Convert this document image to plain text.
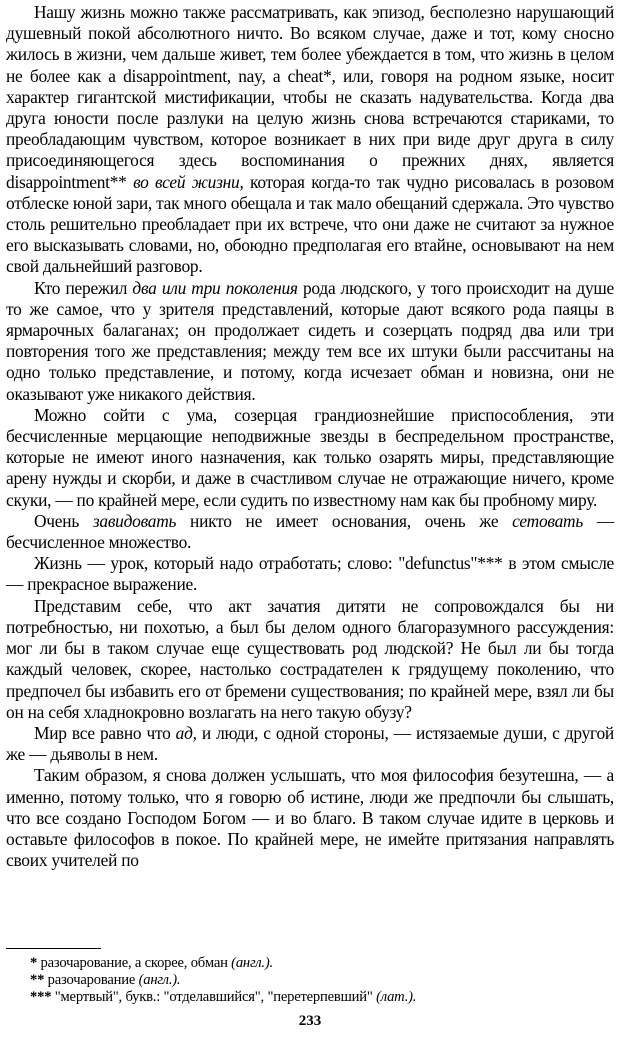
Нашу жизнь можно также рассматривать, как эпизод, бесполезно нарушающий душевный покой абсолютного ничто. Во всяком случае, даже и тот, кому сносно жилось в жизни, чем дальше живет, тем более убеждается в том, что жизнь в целом не более как a disappointment, nay, a cheat*, или, говоря на родном языке, носит характер гигантской мистификации, чтобы не сказать надувательства. Когда два друга юности после разлуки на целую жизнь снова встречаются стариками, то преобладающим чувством, которое возникает в них при виде друг друга в силу присоединяющегося здесь воспоминания о прежних днях, является disappointment** во всей жизни, которая когда-то так чудно рисовалась в розовом отблеске юной зари, так много обещала и так мало обещаний сдержала. Это чувство столь решительно преобладает при их встрече, что они даже не считают за нужное его высказывать словами, но, обоюдно предполагая его втайне, основывают на нем свой дальнейший разговор.

Кто пережил два или три поколения рода людского, у того происходит на душе то же самое, что у зрителя представлений, которые дают всякого рода паяцы в ярмарочных балаганах; он продолжает сидеть и созерцать подряд два или три повторения того же представления; между тем все их штуки были рассчитаны на одно только представление, и потому, когда исчезает обман и новизна, они не оказывают уже никакого действия.

Можно сойти с ума, созерцая грандиознейшие приспособления, эти бесчисленные мерцающие неподвижные звезды в беспредельном пространстве, которые не имеют иного назначения, как только озарять миры, представляющие арену нужды и скорби, и даже в счастливом случае не отражающие ничего, кроме скуки, — по крайней мере, если судить по известному нам как бы пробному миру.

Очень завидовать никто не имеет основания, очень же сетовать — бесчисленное множество.

Жизнь — урок, который надо отработать; слово: "defunctus"*** в этом смысле — прекрасное выражение.

Представим себе, что акт зачатия дитяти не сопровождался бы ни потребностью, ни похотью, а был бы делом одного благоразумного рассуждения: мог ли бы в таком случае еще существовать род людской? Не был ли бы тогда каждый человек, скорее, настолько сострадателен к грядущему поколению, что предпочел бы избавить его от бремени существования; по крайней мере, взял ли бы он на себя хладнокровно возлагать на него такую обузу?

Мир все равно что ад, и люди, с одной стороны, — истязаемые души, с другой же — дьяволы в нем.

Таким образом, я снова должен услышать, что моя философия безутешна, — а именно, потому только, что я говорю об истине, люди же предпочли бы слышать, что все создано Господом Богом — и во благо. В таком случае идите в церковь и оставьте философов в покое. По крайней мере, не имейте притязания направлять своих учителей по

* разочарование, а скорее, обман (англ.).
** разочарование (англ.).
*** "мертвый", букв.: "отделавшийся", "перетерпевший" (лат.).
233
